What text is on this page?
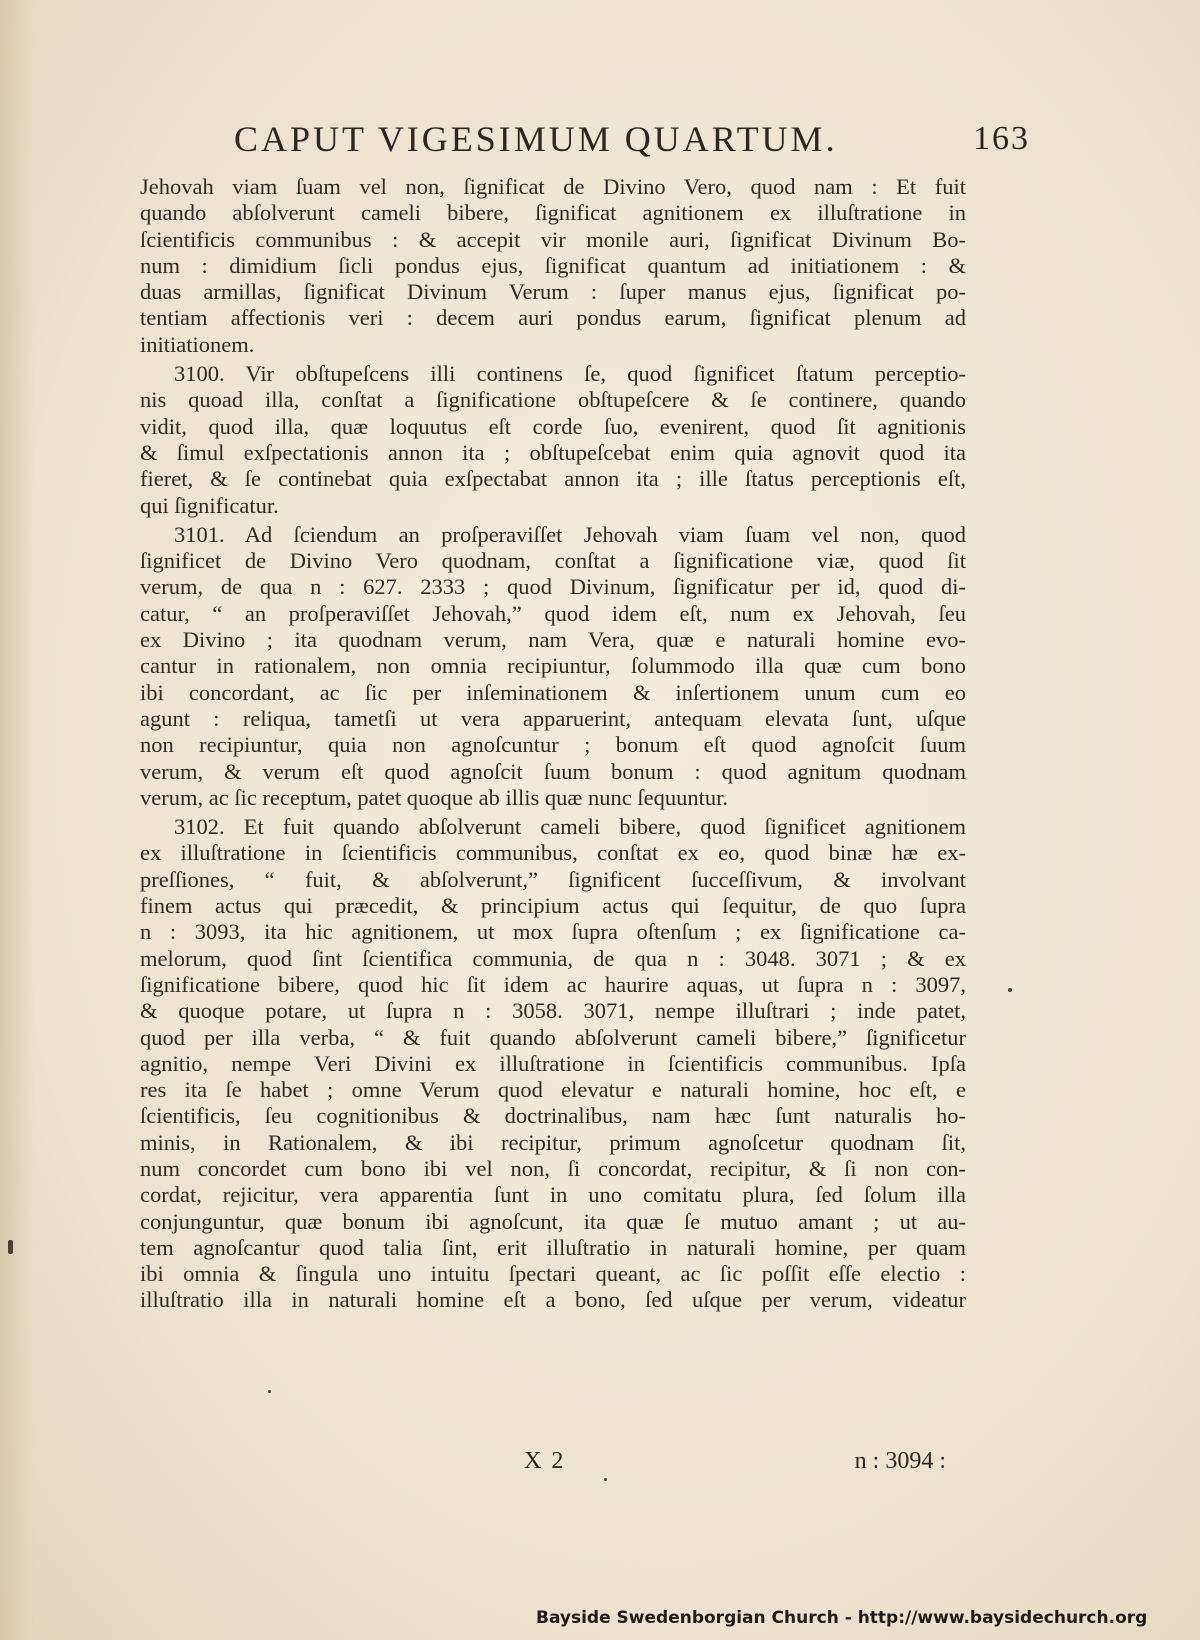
CAPUT VIGESIMUM QUARTUM.	163
Jehovah viam ſuam vel non, ſignificat de Divino Vero, quod nam : Et fuit
quando abſolverunt cameli bibere, ſignificat agnitionem ex illuſtratione in
ſcientificis communibus : & accepit vir monile auri, ſignificat Divinum Bo-
num : dimidium ſicli pondus ejus, ſignificat quantum ad initiationem : &
duas armillas, ſignificat Divinum Verum : ſuper manus ejus, ſignificat po-
tentiam affectionis veri : decem auri pondus earum, ſignificat plenum ad
initiationem.
3100. Vir obſtupeſcens illi continens ſe, quod ſignificet ſtatum perceptio-
nis quoad illa, conſtat a ſignificatione obſtupeſcere & ſe continere, quando
vidit, quod illa, quæ loquutus eſt corde ſuo, evenirent, quod ſit agnitionis
& ſimul exſpectationis annon ita ; obſtupeſcebat enim quia agnovit quod ita
fieret, & ſe continebat quia exſpectabat annon ita ; ille ſtatus perceptionis eſt,
qui ſignificatur.
3101. Ad ſciendum an proſperaviſſet Jehovah viam ſuam vel non, quod
ſignificet de Divino Vero quodnam, conſtat a ſignificatione viæ, quod ſit
verum, de qua n : 627. 2333 ; quod Divinum, ſignificatur per id, quod di-
catur, “ an proſperaviſſet Jehovah,” quod idem eſt, num ex Jehovah, ſeu
ex Divino ; ita quodnam verum, nam Vera, quæ e naturali homine evo-
cantur in rationalem, non omnia recipiuntur, ſolummodo illa quæ cum bono
ibi concordant, ac ſic per inſeminationem & inſertionem unum cum eo
agunt : reliqua, tametſi ut vera apparuerint, antequam elevata ſunt, uſque
non recipiuntur, quia non agnoſcuntur ; bonum eſt quod agnoſcit ſuum
verum, & verum eſt quod agnoſcit ſuum bonum : quod agnitum quodnam
verum, ac ſic receptum, patet quoque ab illis quæ nunc ſequuntur.
3102. Et fuit quando abſolverunt cameli bibere, quod ſignificet agnitionem
ex illuſtratione in ſcientificis communibus, conſtat ex eo, quod binæ hæ ex-
preſſiones, “ fuit, & abſolverunt,” ſignificent ſucceſſivum, & involvant
finem actus qui præcedit, & principium actus qui ſequitur, de quo ſupra
n : 3093, ita hic agnitionem, ut mox ſupra oſtenſum ; ex ſignificatione ca-
melorum, quod ſint ſcientifica communia, de qua n : 3048. 3071 ; & ex
ſignificatione bibere, quod hic ſit idem ac haurire aquas, ut ſupra n : 3097,
& quoque potare, ut ſupra n : 3058. 3071, nempe illuſtrari ; inde patet,
quod per illa verba, “ & fuit quando abſolverunt cameli bibere,” ſignificetur
agnitio, nempe Veri Divini ex illuſtratione in ſcientificis communibus. Ipſa
res ita ſe habet ; omne Verum quod elevatur e naturali homine, hoc eſt, e
ſcientificis, ſeu cognitionibus & doctrinalibus, nam hæc ſunt naturalis ho-
minis, in Rationalem, & ibi recipitur, primum agnoſcetur quodnam ſit,
num concordet cum bono ibi vel non, ſi concordat, recipitur, & ſi non con-
cordat, rejicitur, vera apparentia ſunt in uno comitatu plura, ſed ſolum illa
conjunguntur, quæ bonum ibi agnoſcunt, ita quæ ſe mutuo amant ; ut au-
tem agnoſcantur quod talia ſint, erit illuſtratio in naturali homine, per quam
ibi omnia & ſingula uno intuitu ſpectari queant, ac ſic poſſit eſſe electio :
illuſtratio illa in naturali homine eſt a bono, ſed uſque per verum, videatur
X 2	n : 3094 :
Bayside Swedenborgian Church - http://www.baysidechurch.org
